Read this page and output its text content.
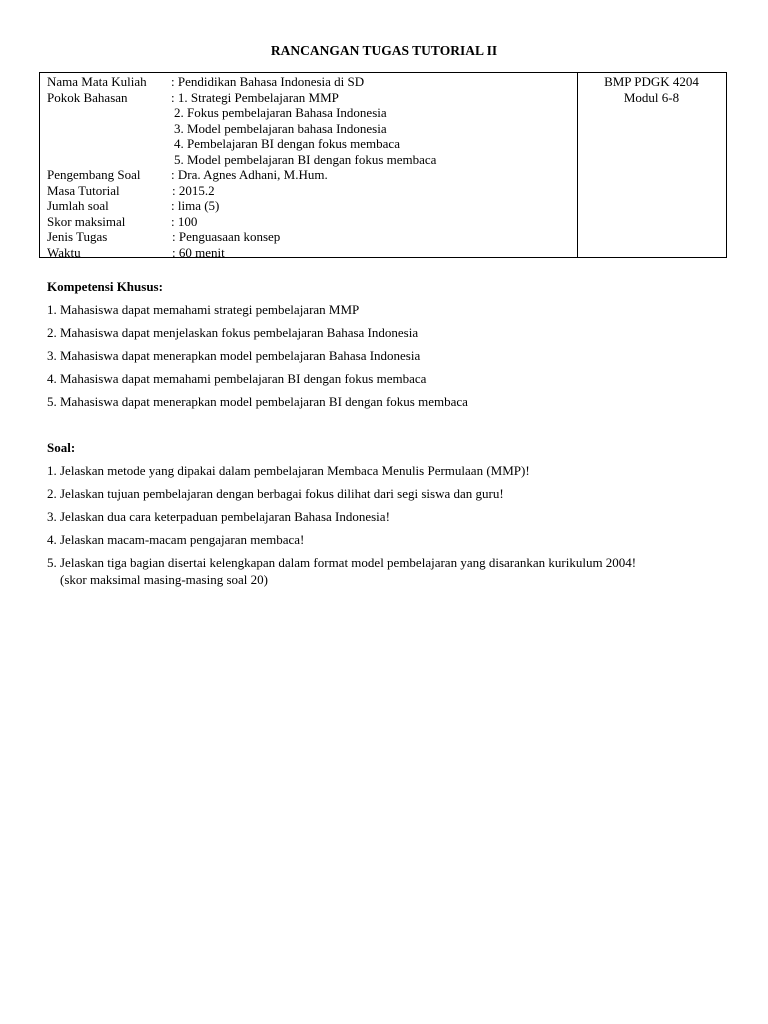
RANCANGAN TUGAS TUTORIAL II
Nama Mata Kuliah : Pendidikan Bahasa Indonesia di SD
Pokok Bahasan	: 1. Strategi Pembelajaran MMP
2. Fokus pembelajaran Bahasa Indonesia
3. Model pembelajaran bahasa Indonesia
4. Pembelajaran BI dengan fokus membaca
5. Model pembelajaran BI dengan fokus membaca
Pengembang Soal : Dra. Agnes Adhani, M.Hum.
Masa Tutorial	: 2015.2
Jumlah soal	: lima (5)
Skor maksimal	: 100
Jenis Tugas	: Penguasaan konsep
Waktu	: 60 menit
BMP PDGK 4204
Modul 6-8
Kompetensi Khusus:
1. Mahasiswa dapat memahami strategi pembelajaran MMP
2. Mahasiswa dapat menjelaskan fokus pembelajaran Bahasa Indonesia
3. Mahasiswa dapat menerapkan model pembelajaran Bahasa Indonesia
4. Mahasiswa dapat memahami pembelajaran BI dengan fokus membaca
5. Mahasiswa dapat menerapkan model pembelajaran BI dengan fokus membaca
Soal:
1. Jelaskan metode yang dipakai dalam pembelajaran Membaca Menulis Permulaan (MMP)!
2. Jelaskan tujuan pembelajaran dengan berbagai fokus dilihat dari segi siswa dan guru!
3. Jelaskan dua cara keterpaduan pembelajaran Bahasa Indonesia!
4. Jelaskan macam-macam pengajaran membaca!
5. Jelaskan tiga bagian disertai kelengkapan dalam format model pembelajaran yang disarankan kurikulum 2004!
(skor maksimal masing-masing soal 20)
